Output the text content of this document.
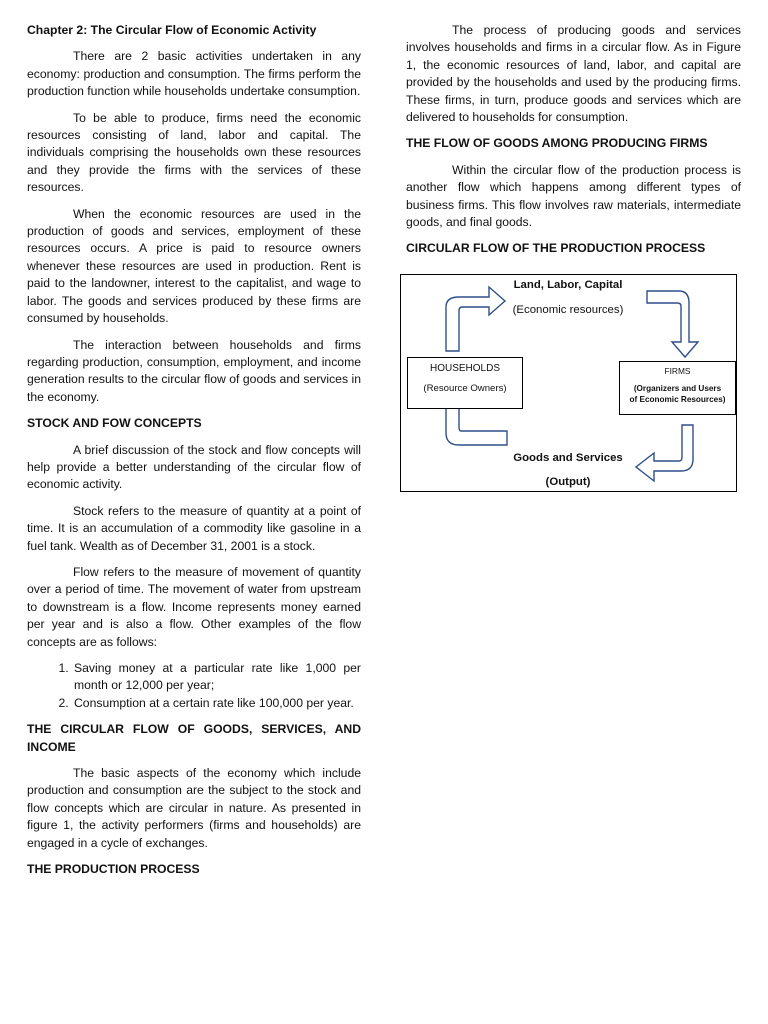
Chapter 2: The Circular Flow of Economic Activity

There are 2 basic activities undertaken in any economy: production and consumption. The firms perform the production function while households undertake consumption.

To be able to produce, firms need the economic resources consisting of land, labor and capital. The individuals comprising the households own these resources and they provide the firms with the services of these resources.

When the economic resources are used in the production of goods and services, employment of these resources occurs. A price is paid to resource owners whenever these resources are used in production. Rent is paid to the landowner, interest to the capitalist, and wage to labor. The goods and services produced by these firms are consumed by households.

The interaction between households and firms regarding production, consumption, employment, and income generation results to the circular flow of goods and services in the economy.

STOCK AND FOW CONCEPTS

A brief discussion of the stock and flow concepts will help provide a better understanding of the circular flow of economic activity.

Stock refers to the measure of quantity at a point of time. It is an accumulation of a commodity like gasoline in a fuel tank. Wealth as of December 31, 2001 is a stock.

Flow refers to the measure of movement of quantity over a period of time. The movement of water from upstream to downstream is a flow. Income represents money earned per year and is also a flow. Other examples of the flow concepts are as follows:

1. Saving money at a particular rate like 1,000 per month or 12,000 per year;
2. Consumption at a certain rate like 100,000 per year.
THE CIRCULAR FLOW OF GOODS, SERVICES, AND INCOME

The basic aspects of the economy which include production and consumption are the subject to the stock and flow concepts which are circular in nature. As presented in figure 1, the activity performers (firms and households) are engaged in a cycle of exchanges.

THE PRODUCTION PROCESS

The process of producing goods and services involves households and firms in a circular flow. As in Figure 1, the economic resources of land, labor, and capital are provided by the households and used by the producing firms. These firms, in turn, produce goods and services which are delivered to households for consumption.

THE FLOW OF GOODS AMONG PRODUCING FIRMS

Within the circular flow of the production process is another flow which happens among different types of business firms. This flow involves raw materials, intermediate goods, and final goods.

CIRCULAR FLOW OF THE PRODUCTION PROCESS
Land, Labor, Capital
(Economic resources)
HOUSEHOLDS
(Resource Owners)
FIRMS
(Organizers and Users
of Economic Resources)
Goods and Services
(Output)
